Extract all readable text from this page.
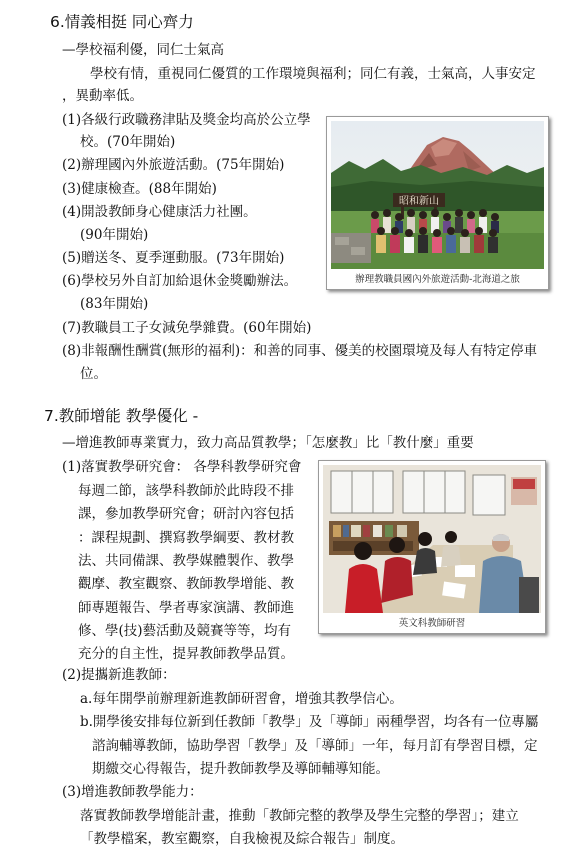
6.情義相挺 同心齊力
—學校福利優，同仁士氣高
學校有情，重視同仁優質的工作環境與福利；同仁有義，士氣高，人事安定
，異動率低。
(1)各級行政職務津貼及獎金均高於公立學
校。(70年開始)
(2)辦理國內外旅遊活動。(75年開始)
(3)健康檢查。(88年開始)
(4)開設教師身心健康活力社團。
(90年開始)
(5)贈送冬、夏季運動服。(73年開始)
(6)學校另外自訂加給退休金獎勵辦法。
(83年開始)
(7)教職員工子女減免學雜費。(60年開始)
(8)非報酬性酬賞(無形的福利)：和善的同事、優美的校園環境及每人有特定停車
位。
昭和新山
辦理教職員國內外旅遊活動-北海道之旅
7.教師增能 教學優化 -
—增進教師專業實力，致力高品質教學；「怎麼教」比「教什麼」重要
(1)落實教學研究會： 各學科教學研究會
每週二節，該學科教師於此時段不排
課，參加教學研究會；研討內容包括
：課程規劃、撰寫教學綱要、教材教
法、共同備課、教學媒體製作、教學
觀摩、教室觀察、教師教學增能、教
師專題報告、學者專家演講、教師進
修、學(技)藝活動及競賽等等，均有
充分的自主性，提昇教師教學品質。
英文科教師研習
(2)提攜新進教師：
a.每年開學前辦理新進教師研習會，增強其教學信心。
b.開學後安排每位新到任教師「教學」及「導師」兩種學習，均各有一位專屬
諮詢輔導教師，協助學習「教學」及「導師」一年，每月訂有學習目標，定
期繳交心得報告，提升教師教學及導師輔導知能。
(3)增進教師教學能力：
落實教師教學增能計畫，推動「教師完整的教學及學生完整的學習」；建立
「教學檔案，教室觀察，自我檢視及綜合報告」制度。
